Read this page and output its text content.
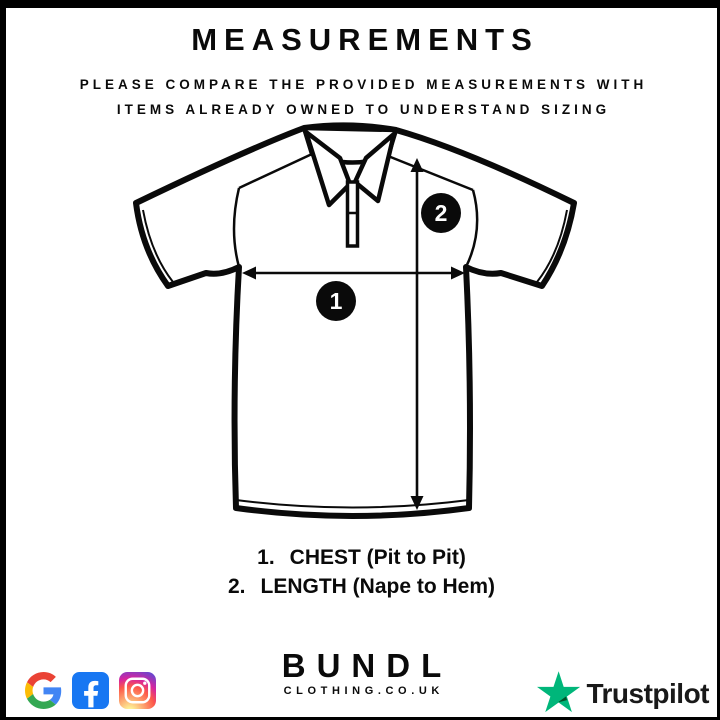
MEASUREMENTS
PLEASE COMPARE THE PROVIDED MEASUREMENTS WITH
ITEMS ALREADY OWNED TO UNDERSTAND SIZING
1
2
1. CHEST (Pit to Pit)
2. LENGTH (Nape to Hem)
BUNDL
CLOTHING.CO.UK	Trustpilot
